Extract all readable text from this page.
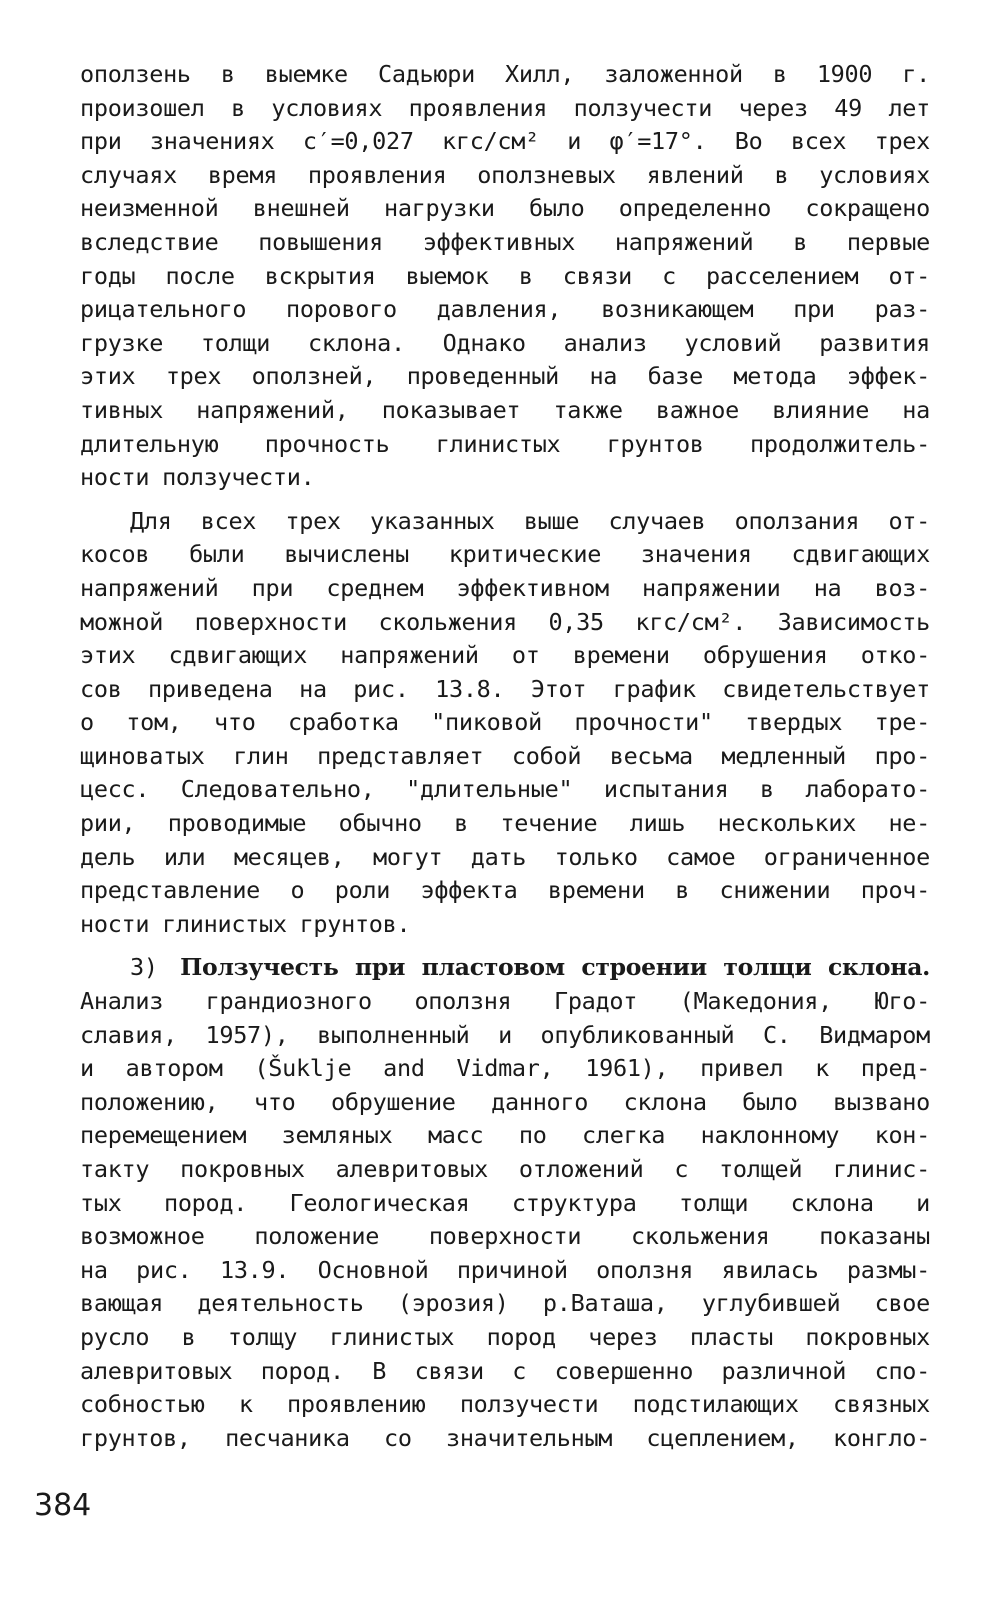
оползень в выемке Садьюри Хилл, заложенной в 1900 г.
произошел в условиях проявления ползучести через 49 лет
при значениях c′=0,027 кгс/см² и φ′=17°. Во всех трех
случаях время проявления оползневых явлений в условиях
неизменной внешней нагрузки было определенно сокращено
вследствие повышения эффективных напряжений в первые
годы после вскрытия выемок в связи с расселением от-
рицательного порового давления, возникающем при раз-
грузке толщи склона. Однако анализ условий развития
этих трех оползней, проведенный на базе метода эффек-
тивных напряжений, показывает также важное влияние на
длительную прочность глинистых грунтов продолжитель-
ности ползучести.
Для всех трех указанных выше случаев оползания от-
косов были вычислены критические значения сдвигающих
напряжений при среднем эффективном напряжении на воз-
можной поверхности скольжения 0,35 кгс/см². Зависимость
этих сдвигающих напряжений от времени обрушения отко-
сов приведена на рис. 13.8. Этот график свидетельствует
о том, что сработка "пиковой прочности" твердых тре-
щиноватых глин представляет собой весьма медленный про-
цесс. Следовательно, "длительные" испытания в лаборато-
рии, проводимые обычно в течение лишь нескольких не-
дель или месяцев, могут дать только самое ограниченное
представление о роли эффекта времени в снижении проч-
ности глинистых грунтов.
3) Ползучесть при пластовом строении толщи склона.
Анализ грандиозного оползня Градот (Македония, Юго-
славия, 1957), выполненный и опубликованный С. Видмаром
и автором (Šuklje and Vidmar, 1961), привел к пред-
положению, что обрушение данного склона было вызвано
перемещением земляных масс по слегка наклонному кон-
такту покровных алевритовых отложений с толщей глинис-
тых пород. Геологическая структура толщи склона и
возможное положение поверхности скольжения показаны
на рис. 13.9. Основной причиной оползня явилась размы-
вающая деятельность (эрозия) р.Ваташа, углубившей свое
русло в толщу глинистых пород через пласты покровных
алевритовых пород. В связи с совершенно различной спо-
собностью к проявлению ползучести подстилающих связных
грунтов, песчаника со значительным сцеплением, конгло-
384
